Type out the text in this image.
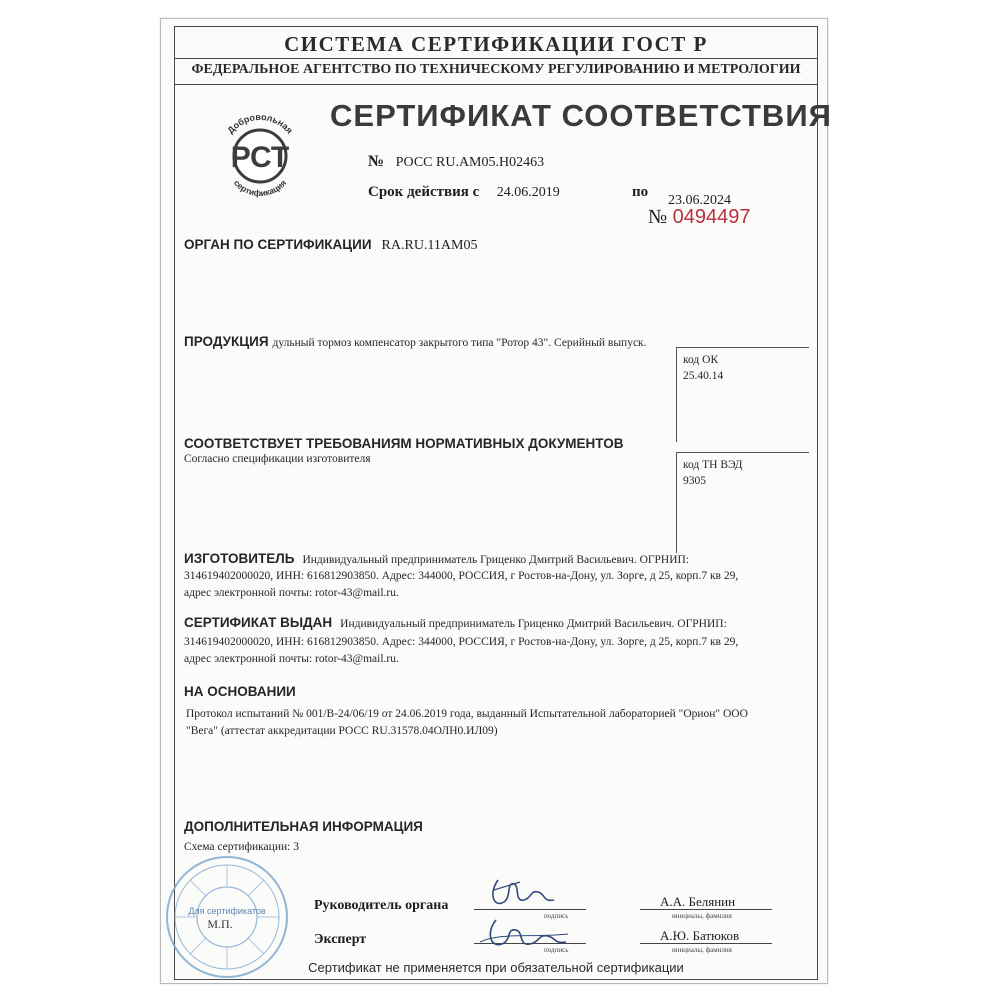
СИСТЕМА СЕРТИФИКАЦИИ ГОСТ Р
ФЕДЕРАЛЬНОЕ АГЕНТСТВО ПО ТЕХНИЧЕСКОМУ РЕГУЛИРОВАНИЮ И МЕТРОЛОГИИ
Добровольная
сертификация
РСТ
СЕРТИФИКАТ СООТВЕТСТВИЯ
№ РОСС RU.АМ05.Н02463
Срок действия с 24.06.2019	по
23.06.2024
№ 0494497
ОРГАН ПО СЕРТИФИКАЦИИ RA.RU.11АМ05
ПРОДУКЦИЯ дульный тормоз компенсатор закрытого типа "Ротор 43". Серийный выпуск.
код ОК
25.40.14
СООТВЕТСТВУЕТ ТРЕБОВАНИЯМ НОРМАТИВНЫХ ДОКУМЕНТОВ
Согласно спецификации изготовителя	код ТН ВЭД
9305
ИЗГОТОВИТЕЛЬ Индивидуальный предприниматель Гриценко Дмитрий Васильевич. ОГРНИП:
314619402000020, ИНН: 616812903850. Адрес: 344000, РОССИЯ, г Ростов-на-Дону, ул. Зорге, д 25, корп.7 кв 29,
адрес электронной почты: rotor-43@mail.ru.
СЕРТИФИКАТ ВЫДАН Индивидуальный предприниматель Гриценко Дмитрий Васильевич. ОГРНИП:
314619402000020, ИНН: 616812903850. Адрес: 344000, РОССИЯ, г Ростов-на-Дону, ул. Зорге, д 25, корп.7 кв 29,
адрес электронной почты: rotor-43@mail.ru.
НА ОСНОВАНИИ
Протокол испытаний № 001/В-24/06/19 от 24.06.2019 года, выданный Испытательной лабораторией "Орион" ООО
"Вега" (аттестат аккредитации РОСС RU.31578.04ОЛН0.ИЛ09)
ДОПОЛНИТЕЛЬНАЯ ИНФОРМАЦИЯ
Схема сертификации: 3
Для сертификатов
М.П.
Руководитель органа
подпись
А.А. Белянин
инициалы, фамилия
Эксперт
подпись
А.Ю. Батюков
инициалы, фамилия
Сертификат не применяется при обязательной сертификации
